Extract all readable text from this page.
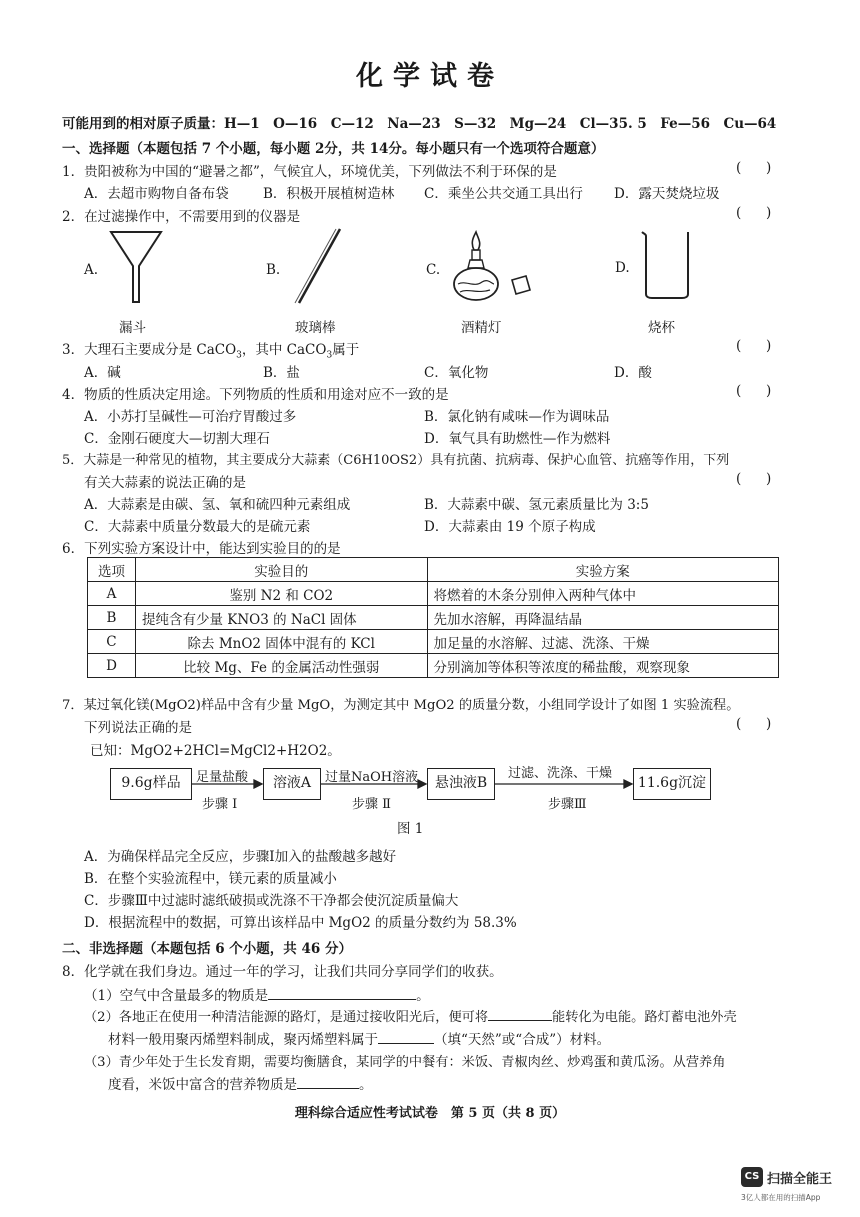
化学试卷
可能用到的相对原子质量：H—1　O—16　C—12　Na—23　S—32　Mg—24　Cl—35. 5　Fe—56　Cu—64
一、选择题（本题包括 7 个小题，每小题 2分，共 14分。每小题只有一个选项符合题意）
1．贵阳被称为中国的“避暑之都”，气候宜人，环境优美，下列做法不利于环保的是	( )
A．去超市购物自备布袋	B．积极开展植树造林 C．乘坐公共交通工具出行 D．露天焚烧垃圾
2．在过滤操作中，不需要用到的仪器是	( )
A.
漏斗
B.
玻璃棒
C.
酒精灯
D.
烧杯
3．大理石主要成分是 CaCO$_3$，其中 CaCO$_3$属于	( )
A．碱	B．盐	C．氧化物	D．酸
4．物质的性质决定用途。下列物质的性质和用途对应不一致的是	( )
A．小苏打呈碱性—可治疗胃酸过多	B．氯化钠有咸味—作为调味品
C．金刚石硬度大—切割大理石	D．氧气具有助燃性—作为燃料
5．大蒜是一种常见的植物，其主要成分大蒜素（C6H10OS2）具有抗菌、抗病毒、保护心血管、抗癌等作用，下列
有关大蒜素的说法正确的是	( )
A．大蒜素是由碳、氢、氧和硫四种元素组成	B．大蒜素中碳、氢元素质量比为 3:5
C．大蒜素中质量分数最大的是硫元素	D．大蒜素由 19 个原子构成
6．下列实验方案设计中，能达到实验目的的是
选项	实验目的	实验方案
A	鉴别 N2 和 CO2	将燃着的木条分别伸入两种气体中
B	提纯含有少量 KNO3 的 NaCl 固体	先加水溶解，再降温结晶
C	除去 MnO2 固体中混有的 KCl	加足量的水溶解、过滤、洗涤、干燥
D	比较 Mg、Fe 的金属活动性强弱	分别滴加等体积等浓度的稀盐酸，观察现象
7．某过氧化镁(MgO2)样品中含有少量 MgO，为测定其中 MgO2 的质量分数，小组同学设计了如图 1 实验流程。
下列说法正确的是	( )
已知：MgO2+2HCl=MgCl2+H2O2。
9.6g样品	溶液A	悬浊液B	11.6g沉淀
足量盐酸
步骤 I
过量NaOH溶液
步骤 Ⅱ
过滤、洗涤、干燥
步骤Ⅲ
图 1
A．为确保样品完全反应，步骤I加入的盐酸越多越好
B．在整个实验流程中，镁元素的质量减小
C．步骤Ⅲ中过滤时滤纸破损或洗涤不干净都会使沉淀质量偏大
D．根据流程中的数据，可算出该样品中 MgO2 的质量分数约为 58.3%
二、非选择题（本题包括 6 个小题，共 46 分）
8．化学就在我们身边。通过一年的学习，让我们共同分享同学们的收获。
（1）空气中含量最多的物质是	。
（2）各地正在使用一种清洁能源的路灯，是通过接收阳光后，便可将	能转化为电能。路灯蓄电池外壳
材料一般用聚丙烯塑料制成，聚丙烯塑料属于	（填“天然”或“合成”）材料。
（3）青少年处于生长发育期，需要均衡膳食，某同学的中餐有：米饭、青椒肉丝、炒鸡蛋和黄瓜汤。从营养角
度看，米饭中富含的营养物质是	。
理科综合适应性考试试卷　第 5 页（共 8 页）
CS 扫描全能王
3亿人都在用的扫描App
